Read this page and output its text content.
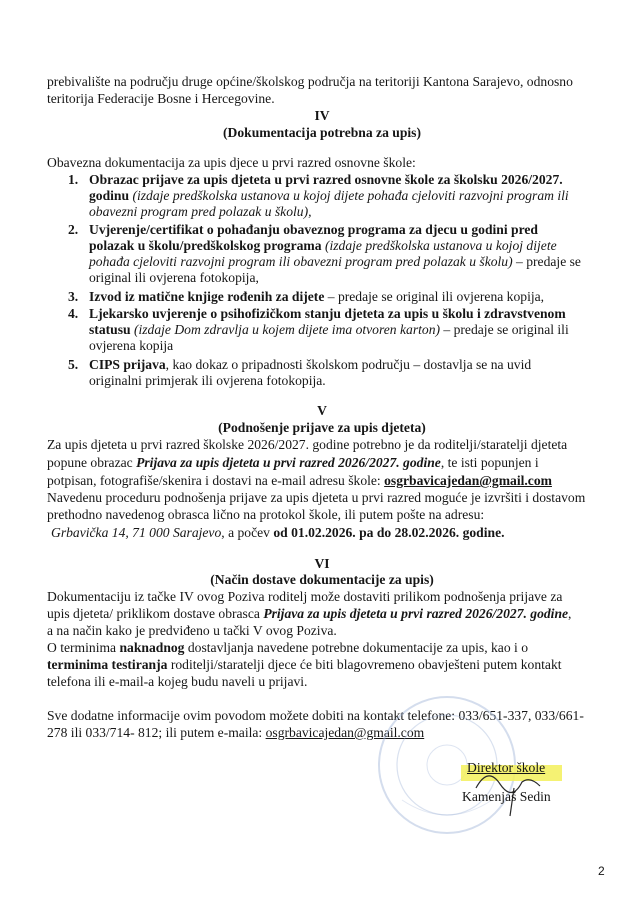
prebivalište na području druge općine/školskog područja na teritoriji Kantona Sarajevo, odnosno

teritorija Federacije Bosne i Hercegovine.

IV
(Dokumentacija potrebna za upis)

Obavezna dokumentacija za upis djece u prvi razred osnovne škole:

1. Obrazac prijave za upis djeteta u prvi razred osnovne škole za školsku 2026/2027.

godinu (izdaje predškolska ustanova u kojoj dijete pohađa cjeloviti razvojni program ili

obavezni program pred polazak u školu),

2. Uvjerenje/certifikat o pohađanju obaveznog programa za djecu u godini pred

polazak u školu/predškolskog programa (izdaje predškolska ustanova u kojoj dijete

pohađa cjeloviti razvojni program ili obavezni program pred polazak u školu) – predaje se

original ili ovjerena fotokopija,

3. Izvod iz matične knjige rođenih za dijete – predaje se original ili ovjerena kopija,

4. Ljekarsko uvjerenje o psihofizičkom stanju djeteta za upis u školu i zdravstvenom

statusu (izdaje Dom zdravlja u kojem dijete ima otvoren karton) – predaje se original ili

ovjerena kopija

5. CIPS prijava, kao dokaz o pripadnosti školskom području – dostavlja se na uvid

originalni primjerak ili ovjerena fotokopija.

V
(Podnošenje prijave za upis djeteta)

Za upis djeteta u prvi razred školske 2026/2027. godine potrebno je da roditelji/staratelji djeteta

popune obrazac Prijava za upis djeteta u prvi razred 2026/2027. godine, te isti popunjen i

potpisan, fotografiše/skenira i dostavi na e-mail adresu škole: osgrbavicajedan@gmail.com

Navedenu proceduru podnošenja prijave za upis djeteta u prvi razred moguće je izvršiti i dostavom

prethodno navedenog obrasca lično na protokol škole, ili putem pošte na adresu:

Grbavička 14, 71 000 Sarajevo, a počev od 01.02.2026. pa do 28.02.2026. godine.

VI
(Način dostave dokumentacije za upis)

Dokumentaciju iz tačke IV ovog Poziva roditelj može dostaviti prilikom podnošenja prijave za

upis djeteta/ priklikom dostave obrasca Prijava za upis djeteta u prvi razred 2026/2027. godine,

a na način kako je predviđeno u tački V ovog Poziva.

O terminima naknadnog dostavljanja navedene potrebne dokumentacije za upis, kao i o

terminima testiranja roditelji/staratelji djece će biti blagovremeno obavješteni putem kontakt

telefona ili e-mail-a kojeg budu naveli u prijavi.

Sve dodatne informacije ovim povodom možete dobiti na kontakt telefone: 033/651-337, 033/661-

278 ili 033/714- 812; ili putem e-maila: osgrbavicajedan@gmail.com

Direktor škole
Kamenjaš Sedin
2
